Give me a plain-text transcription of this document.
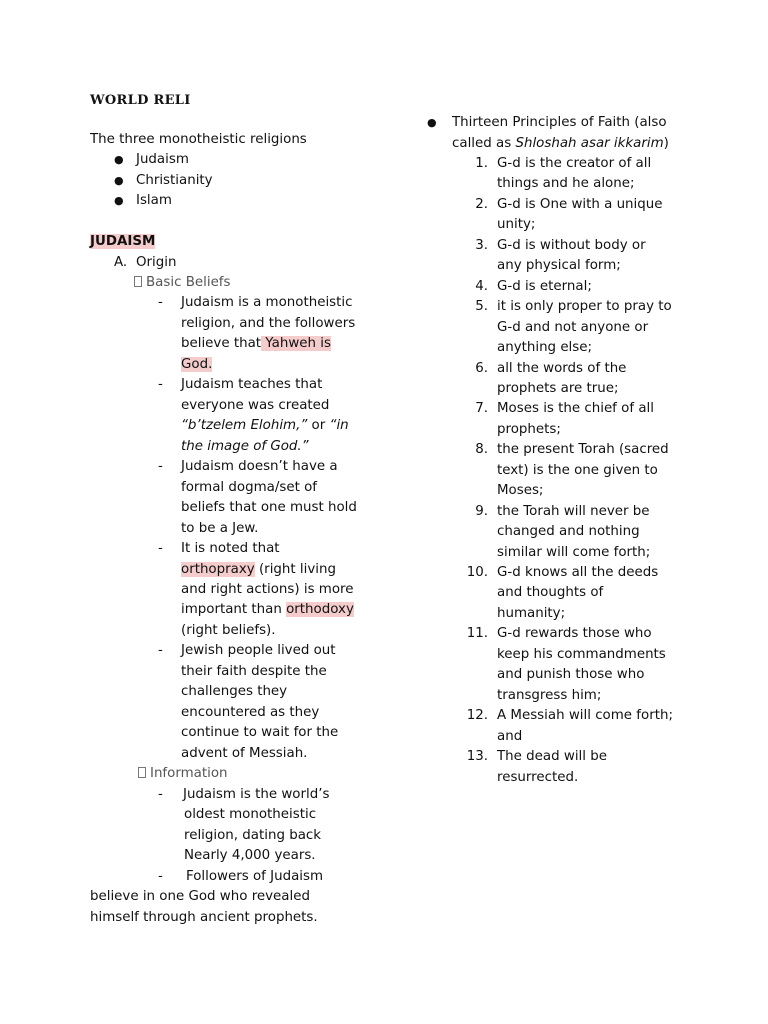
WORLD RELI
The three monotheistic religions
● Judaism
● Christianity
● Islam
JUDAISM
A. Origin
Basic Beliefs
- Judaism is a monotheistic
religion, and the followers
believe that Yahweh is
God.
- Judaism teaches that
everyone was created
“b’tzelem Elohim,” or “in
the image of God.”
- Judaism doesn’t have a
formal dogma/set of
beliefs that one must hold
to be a Jew.
- It is noted that
orthopraxy (right living
and right actions) is more
important than orthodoxy
(right beliefs).
- Jewish people lived out
their faith despite the
challenges they
encountered as they
continue to wait for the
advent of Messiah.
Information
- Judaism is the world’s
oldest monotheistic
religion, dating back
Nearly 4,000 years.
- Followers of Judaism
believe in one God who revealed
himself through ancient prophets.
● Thirteen Principles of Faith (also
called as Shloshah asar ikkarim)
1. G-d is the creator of all
things and he alone;
2. G-d is One with a unique
unity;
3. G-d is without body or
any physical form;
4. G-d is eternal;
5. it is only proper to pray to
G-d and not anyone or
anything else;
6. all the words of the
prophets are true;
7. Moses is the chief of all
prophets;
8. the present Torah (sacred
text) is the one given to
Moses;
9. the Torah will never be
changed and nothing
similar will come forth;
10. G-d knows all the deeds
and thoughts of
humanity;
11. G-d rewards those who
keep his commandments
and punish those who
transgress him;
12. A Messiah will come forth;
and
13. The dead will be
resurrected.
